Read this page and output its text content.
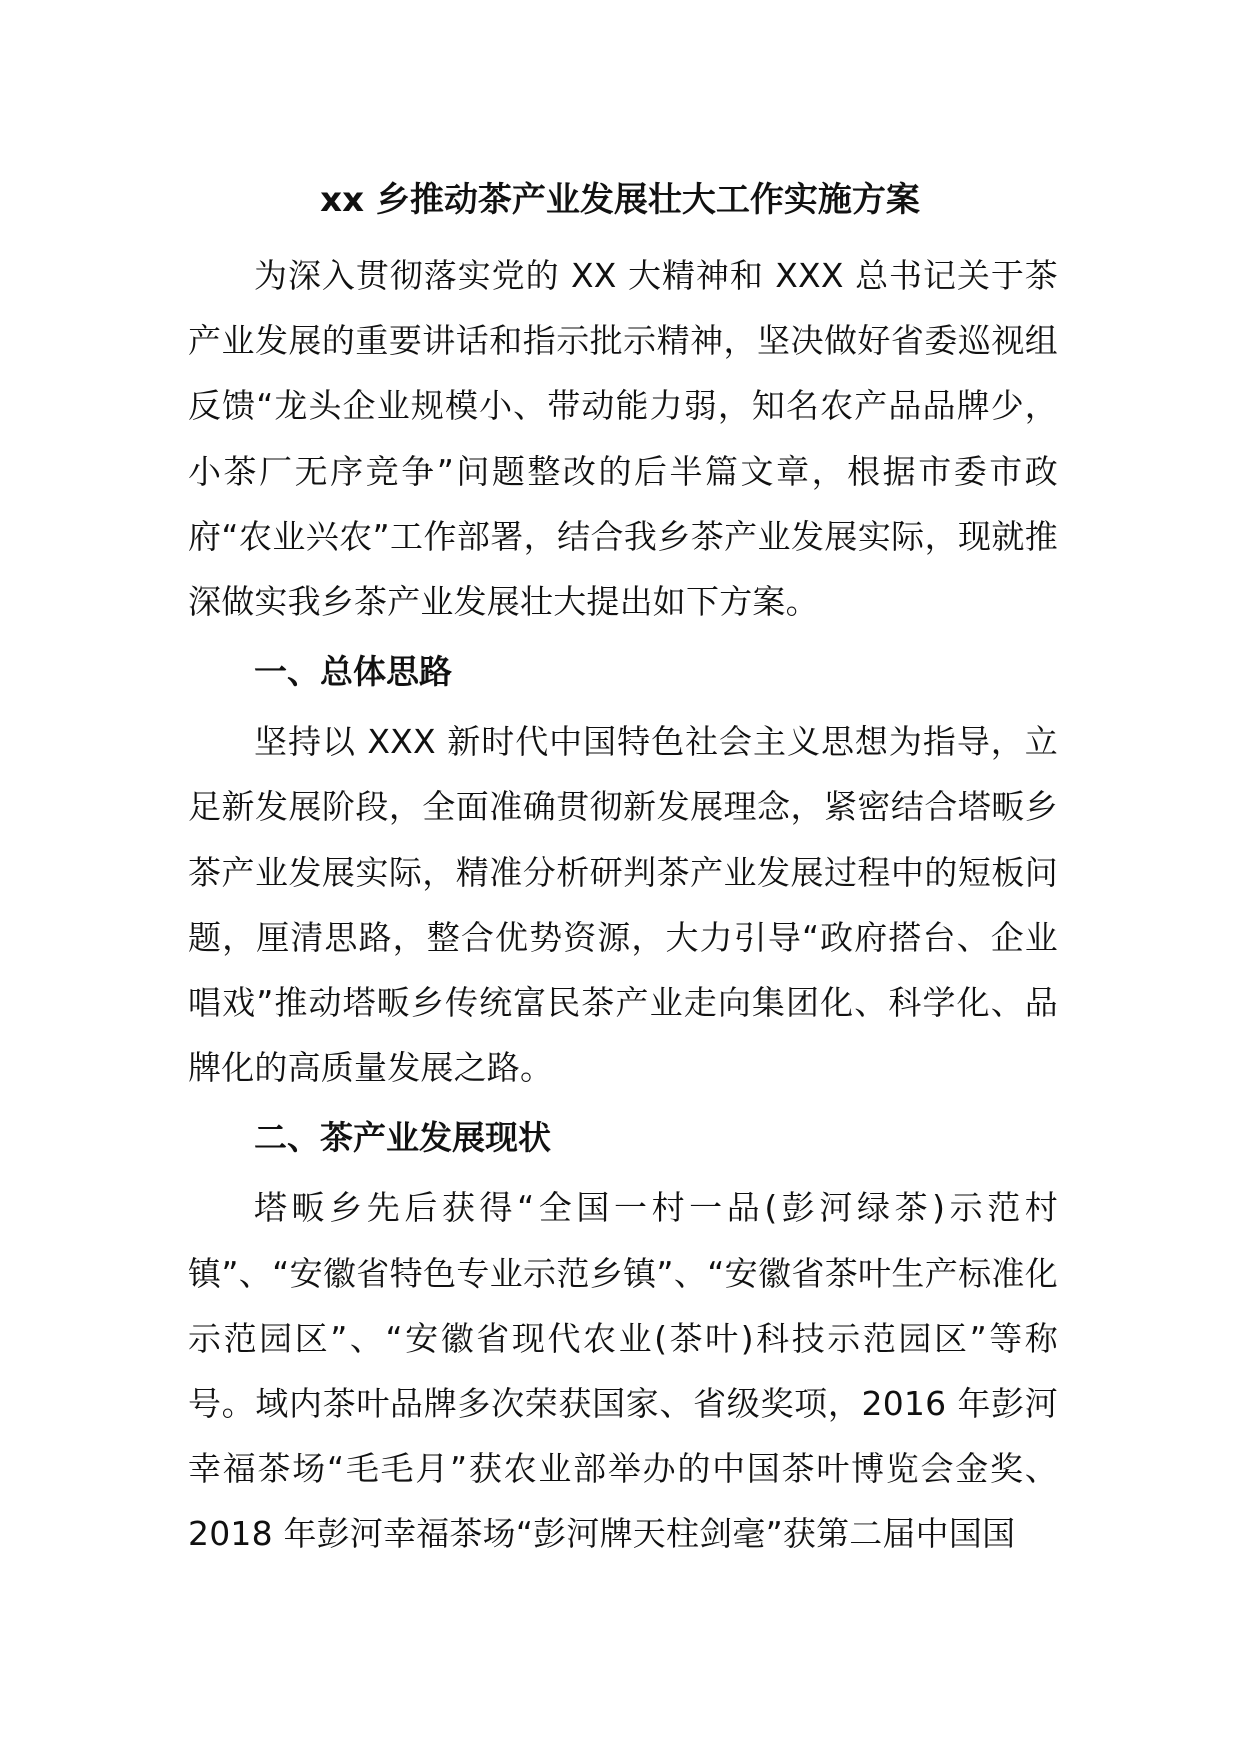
xx 乡推动茶产业发展壮大工作实施方案

为深入贯彻落实党的 XX 大精神和 XXX 总书记关于茶产业发展的重要讲话和指示批示精神，坚决做好省委巡视组反馈“龙头企业规模小、带动能力弱，知名农产品品牌少，小茶厂无序竞争”问题整改的后半篇文章，根据市委市政府“农业兴农”工作部署，结合我乡茶产业发展实际，现就推深做实我乡茶产业发展壮大提出如下方案。

一、总体思路

坚持以 XXX 新时代中国特色社会主义思想为指导，立足新发展阶段，全面准确贯彻新发展理念，紧密结合塔畈乡茶产业发展实际，精准分析研判茶产业发展过程中的短板问题，厘清思路，整合优势资源，大力引导“政府搭台、企业唱戏”推动塔畈乡传统富民茶产业走向集团化、科学化、品牌化的高质量发展之路。

二、茶产业发展现状

塔畈乡先后获得“全国一村一品(彭河绿茶)示范村镇”、“安徽省特色专业示范乡镇”、“安徽省茶叶生产标准化示范园区”、“安徽省现代农业(茶叶)科技示范园区”等称号。域内茶叶品牌多次荣获国家、省级奖项，2016 年彭河幸福茶场“毛毛月”获农业部举办的中国茶叶博览会金奖、2018 年彭河幸福茶场“彭河牌天柱剑毫”获第二届中国国
